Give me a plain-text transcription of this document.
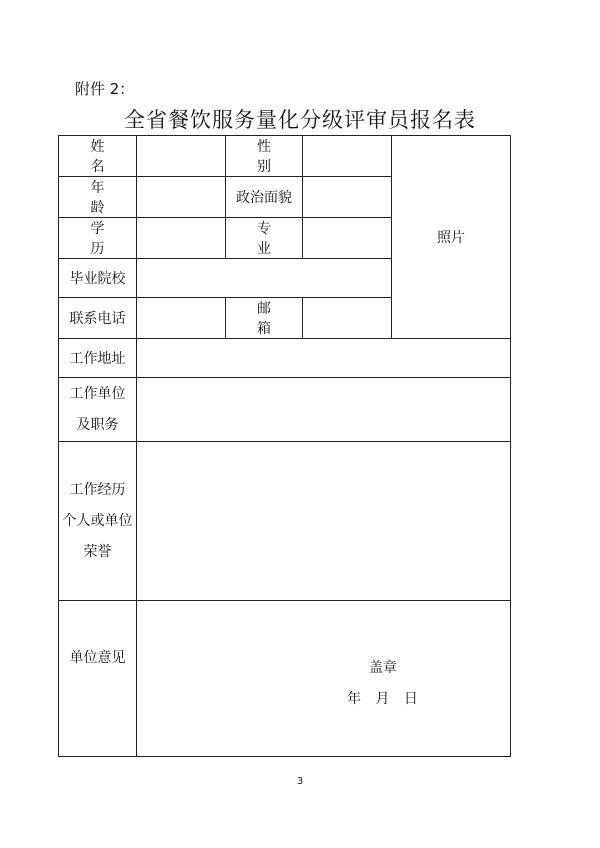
附件 2：
全省餐饮服务量化分级评审员报名表
姓名		性别		照片
年龄		政治面貌		
学历		专业		
毕业院校				
联系电话		邮箱		
工作地址				

工作单位
及职务				

工作经历
个人或单位
荣誉				

单位意见	盖章
年 月 日			
3
